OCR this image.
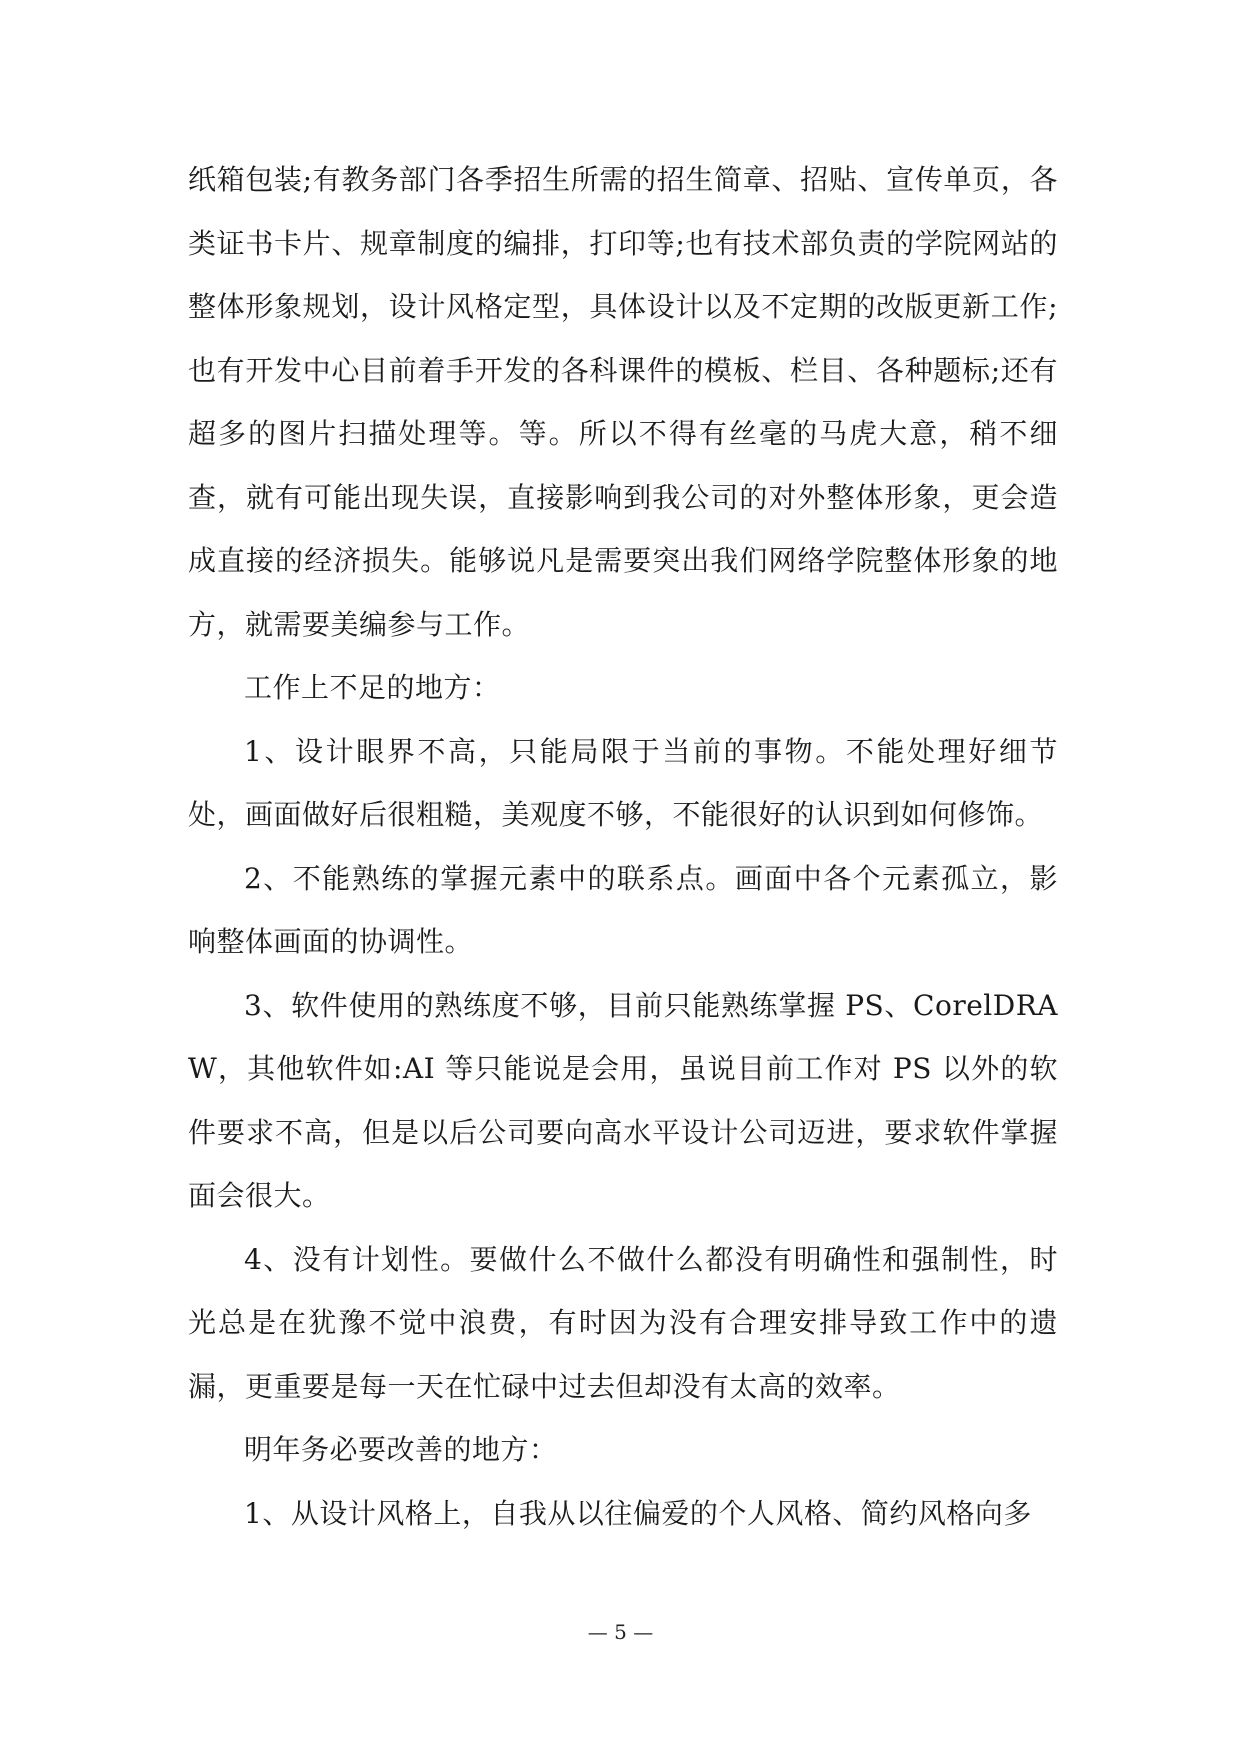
纸箱包装;有教务部门各季招生所需的招生简章、招贴、宣传单页，各类证书卡片、规章制度的编排，打印等;也有技术部负责的学院网站的整体形象规划，设计风格定型，具体设计以及不定期的改版更新工作;也有开发中心目前着手开发的各科课件的模板、栏目、各种题标;还有超多的图片扫描处理等。等。所以不得有丝毫的马虎大意，稍不细查，就有可能出现失误，直接影响到我公司的对外整体形象，更会造成直接的经济损失。能够说凡是需要突出我们网络学院整体形象的地方，就需要美编参与工作。

工作上不足的地方：

1、设计眼界不高，只能局限于当前的事物。不能处理好细节处，画面做好后很粗糙，美观度不够，不能很好的认识到如何修饰。

2、不能熟练的掌握元素中的联系点。画面中各个元素孤立，影响整体画面的协调性。

3、软件使用的熟练度不够，目前只能熟练掌握 PS、CorelDRAW，其他软件如:AI 等只能说是会用，虽说目前工作对 PS 以外的软件要求不高，但是以后公司要向高水平设计公司迈进，要求软件掌握面会很大。

4、没有计划性。要做什么不做什么都没有明确性和强制性，时光总是在犹豫不觉中浪费，有时因为没有合理安排导致工作中的遗漏，更重要是每一天在忙碌中过去但却没有太高的效率。

明年务必要改善的地方：

1、从设计风格上，自我从以往偏爱的个人风格、简约风格向多

— 5 —
